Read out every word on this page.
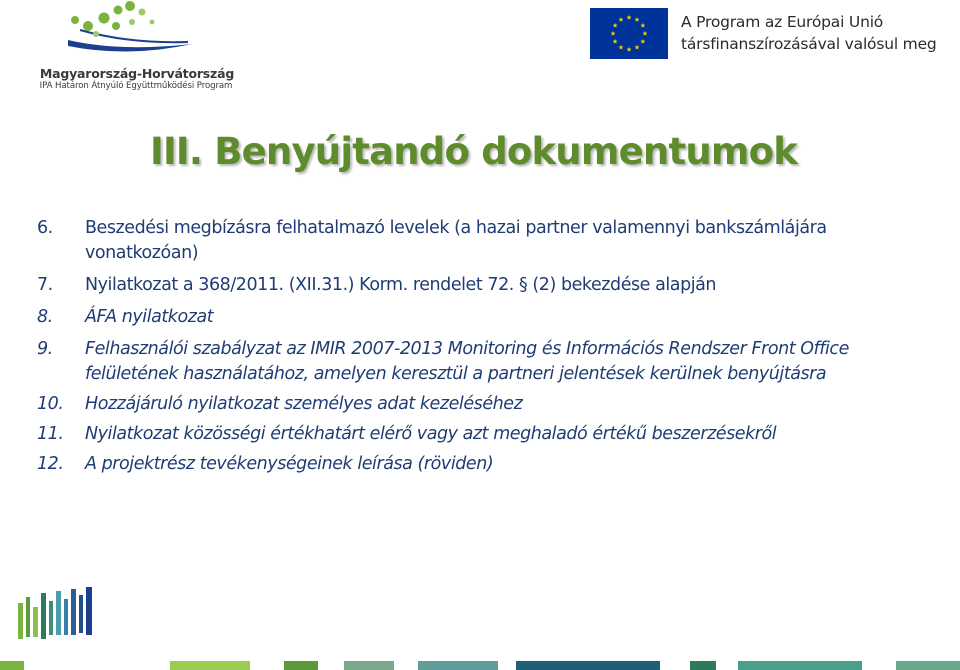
Magyarország-Horvátország
IPA Határon Átnyúló Együttműködési Program
A Program az Európai Unió
társfinanszírozásával valósul meg
III. Benyújtandó dokumentumok
6.	Beszedési megbízásra felhatalmazó levelek (a hazai partner valamennyi bankszámlájára vonatkozóan)
7.	Nyilatkozat a 368/2011. (XII.31.) Korm. rendelet 72. § (2) bekezdése alapján
8.	ÁFA nyilatkozat
9.	Felhasználói szabályzat az IMIR 2007-2013 Monitoring és Információs Rendszer Front Office felületének használatához, amelyen keresztül a partneri jelentések kerülnek benyújtásra
10.	Hozzájáruló nyilatkozat személyes adat kezeléséhez
11.	Nyilatkozat közösségi értékhatárt elérő vagy azt meghaladó értékű beszerzésekről
12.	A projektrész tevékenységeinek leírása (röviden)
